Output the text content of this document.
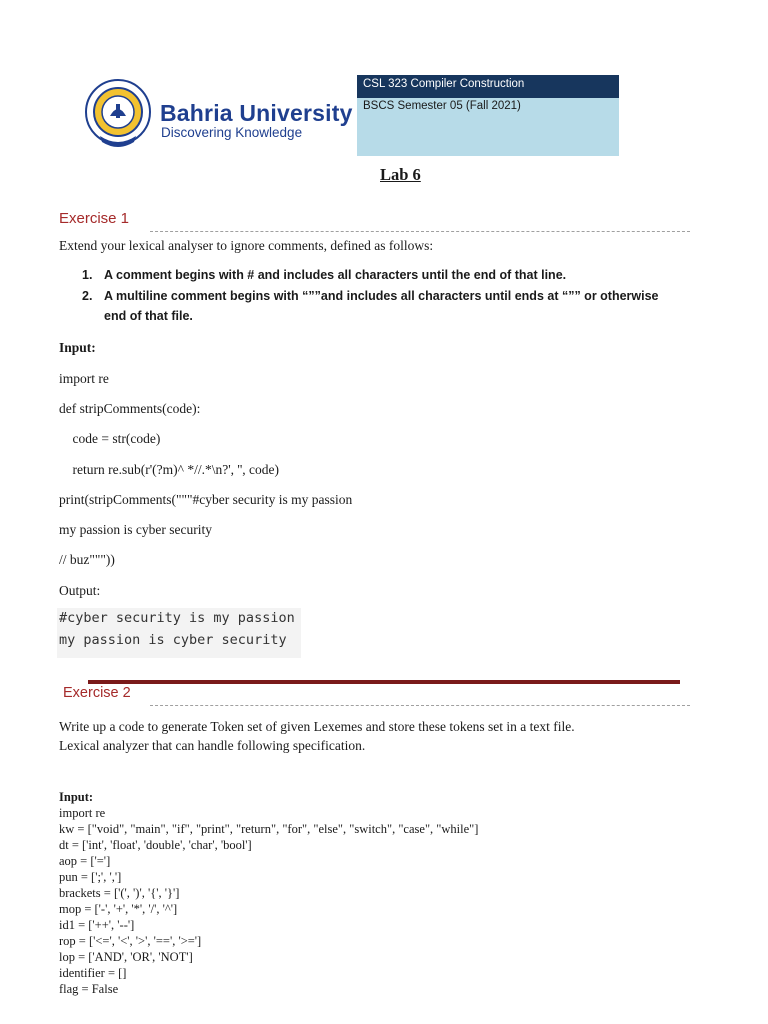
Bahria University
Discovering Knowledge
CSL 323 Compiler Construction
BSCS Semester 05 (Fall 2021)
Lab 6
Exercise 1
Extend your lexical analyser to ignore comments, defined as follows:
1. A comment begins with # and includes all characters until the end of that line.
2. A multiline comment begins with “””and includes all characters until ends at “”” or otherwise
end of that file.
Input:
import re
def stripComments(code):
code = str(code)
return re.sub(r'(?m)^ *//.*\n?', '', code)
print(stripComments("""#cyber security is my passion
my passion is cyber security
// buz"""))
Output:
#cyber security is my passion
my passion is cyber security
Exercise 2
Write up a code to generate Token set of given Lexemes and store these tokens set in a text file.
Lexical analyzer that can handle following specification.
Input:
import re
kw = ["void", "main", "if", "print", "return", "for", "else", "switch", "case", "while"]
dt = ['int', 'float', 'double', 'char', 'bool']
aop = ['=']
pun = [';', ',']
brackets = ['(', ')', '{', '}']
mop = ['-', '+', '*', '/', '^']
id1 = ['++', '--']
rop = ['<=', '<', '>', '==', '>=']
lop = ['AND', 'OR', 'NOT']
identifier = []
flag = False
